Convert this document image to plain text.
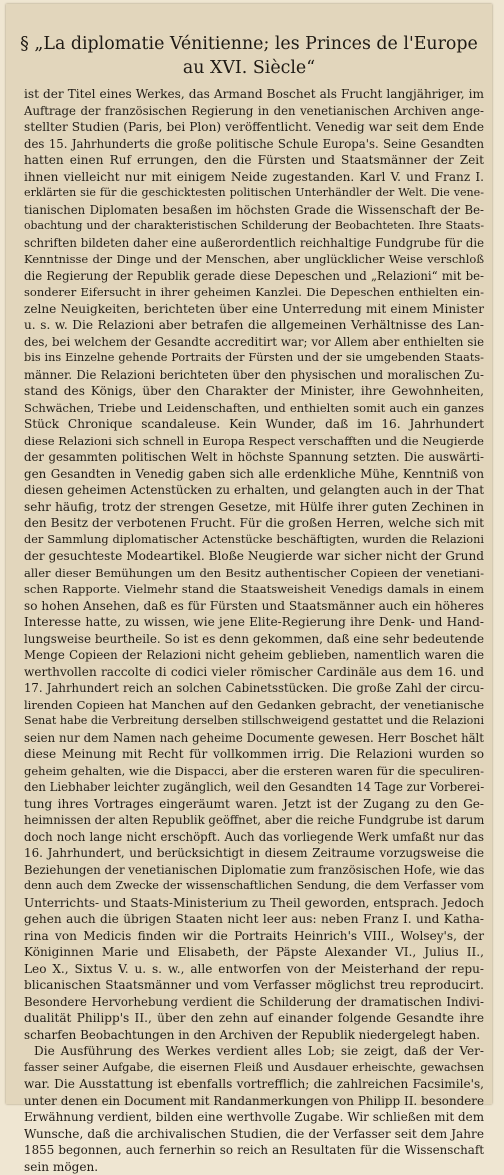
§ „La diplomatie Vénitienne; les Princes de l'Europe
au XVI. Siècle“
ist der Titel eines Werkes, das Armand Boschet als Frucht langjähriger, im
Auftrage der französischen Regierung in den venetianischen Archiven ange-
stellter Studien (Paris, bei Plon) veröffentlicht. Venedig war seit dem Ende
des 15. Jahrhunderts die große politische Schule Europa's. Seine Gesandten
hatten einen Ruf errungen, den die Fürsten und Staatsmänner der Zeit
ihnen vielleicht nur mit einigem Neide zugestanden. Karl V. und Franz I.
erklärten sie für die geschicktesten politischen Unterhändler der Welt. Die vene-
tianischen Diplomaten besaßen im höchsten Grade die Wissenschaft der Be-
obachtung und der charakteristischen Schilderung der Beobachteten. Ihre Staats-
schriften bildeten daher eine außerordentlich reichhaltige Fundgrube für die
Kenntnisse der Dinge und der Menschen, aber unglücklicher Weise verschloß
die Regierung der Republik gerade diese Depeschen und „Relazioni“ mit be-
sonderer Eifersucht in ihrer geheimen Kanzlei. Die Depeschen enthielten ein-
zelne Neuigkeiten, berichteten über eine Unterredung mit einem Minister
u. s. w. Die Relazioni aber betrafen die allgemeinen Verhältnisse des Lan-
des, bei welchem der Gesandte accreditirt war; vor Allem aber enthielten sie
bis ins Einzelne gehende Portraits der Fürsten und der sie umgebenden Staats-
männer. Die Relazioni berichteten über den physischen und moralischen Zu-
stand des Königs, über den Charakter der Minister, ihre Gewohnheiten,
Schwächen, Triebe und Leidenschaften, und enthielten somit auch ein ganzes
Stück Chronique scandaleuse. Kein Wunder, daß im 16. Jahrhundert
diese Relazioni sich schnell in Europa Respect verschafften und die Neugierde
der gesammten politischen Welt in höchste Spannung setzten. Die auswärti-
gen Gesandten in Venedig gaben sich alle erdenkliche Mühe, Kenntniß von
diesen geheimen Actenstücken zu erhalten, und gelangten auch in der That
sehr häufig, trotz der strengen Gesetze, mit Hülfe ihrer guten Zechinen in
den Besitz der verbotenen Frucht. Für die großen Herren, welche sich mit
der Sammlung diplomatischer Actenstücke beschäftigten, wurden die Relazioni
der gesuchteste Modeartikel. Bloße Neugierde war sicher nicht der Grund
aller dieser Bemühungen um den Besitz authentischer Copieen der venetiani-
schen Rapporte. Vielmehr stand die Staatsweisheit Venedigs damals in einem
so hohen Ansehen, daß es für Fürsten und Staatsmänner auch ein höheres
Interesse hatte, zu wissen, wie jene Elite-Regierung ihre Denk- und Hand-
lungsweise beurtheile. So ist es denn gekommen, daß eine sehr bedeutende
Menge Copieen der Relazioni nicht geheim geblieben, namentlich waren die
werthvollen raccolte di codici vieler römischer Cardinäle aus dem 16. und
17. Jahrhundert reich an solchen Cabinetsstücken. Die große Zahl der circu-
lirenden Copieen hat Manchen auf den Gedanken gebracht, der venetianische
Senat habe die Verbreitung derselben stillschweigend gestattet und die Relazioni
seien nur dem Namen nach geheime Documente gewesen. Herr Boschet hält
diese Meinung mit Recht für vollkommen irrig. Die Relazioni wurden so
geheim gehalten, wie die Dispacci, aber die ersteren waren für die speculiren-
den Liebhaber leichter zugänglich, weil den Gesandten 14 Tage zur Vorberei-
tung ihres Vortrages eingeräumt waren. Jetzt ist der Zugang zu den Ge-
heimnissen der alten Republik geöffnet, aber die reiche Fundgrube ist darum
doch noch lange nicht erschöpft. Auch das vorliegende Werk umfaßt nur das
16. Jahrhundert, und berücksichtigt in diesem Zeitraume vorzugsweise die
Beziehungen der venetianischen Diplomatie zum französischen Hofe, wie das
denn auch dem Zwecke der wissenschaftlichen Sendung, die dem Verfasser vom
Unterrichts- und Staats-Ministerium zu Theil geworden, entsprach. Jedoch
gehen auch die übrigen Staaten nicht leer aus: neben Franz I. und Katha-
rina von Medicis finden wir die Portraits Heinrich's VIII., Wolsey's, der
Königinnen Marie und Elisabeth, der Päpste Alexander VI., Julius II.,
Leo X., Sixtus V. u. s. w., alle entworfen von der Meisterhand der repu-
blicanischen Staatsmänner und vom Verfasser möglichst treu reproducirt.
Besondere Hervorhebung verdient die Schilderung der dramatischen Indivi-
dualität Philipp's II., über den zehn auf einander folgende Gesandte ihre
scharfen Beobachtungen in den Archiven der Republik niedergelegt haben.
Die Ausführung des Werkes verdient alles Lob; sie zeigt, daß der Ver-
fasser seiner Aufgabe, die eisernen Fleiß und Ausdauer erheischte, gewachsen
war. Die Ausstattung ist ebenfalls vortrefflich; die zahlreichen Facsimile's,
unter denen ein Document mit Randanmerkungen von Philipp II. besondere
Erwähnung verdient, bilden eine werthvolle Zugabe. Wir schließen mit dem
Wunsche, daß die archivalischen Studien, die der Verfasser seit dem Jahre
1855 begonnen, auch fernerhin so reich an Resultaten für die Wissenschaft
sein mögen.
